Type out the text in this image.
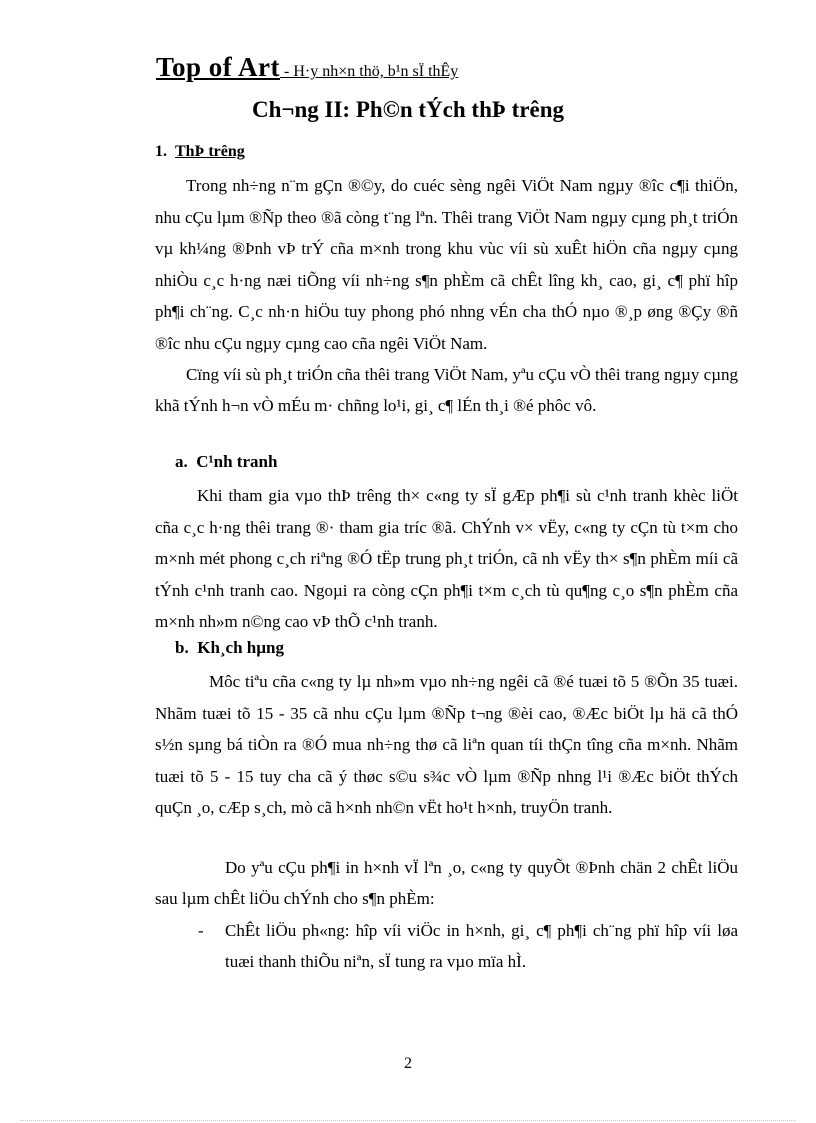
Top of Art - H·y nh×n thö, b¹n sÏ thÊy
Ch¬ng II: Ph©n tÝch thÞ trêng
1. ThÞ trêng
Trong nh÷ng n¨m gÇn ®©y, do cuéc sèng ngêi ViÖt Nam ngµy ®îc c¶i thiÖn, nhu cÇu lµm ®Ñp theo ®ã còng t¨ng lªn. Thêi trang ViÖt Nam ngµy cµng ph¸t triÓn vµ kh¼ng ®Þnh vÞ trÝ cña m×nh trong khu vùc víi sù xuÊt hiÖn cña ngµy cµng nhiÒu c¸c h·ng næi tiÕng víi nh÷ng s¶n phÈm cã chÊt lîng kh¸ cao, gi¸ c¶ phï hîp ph¶i ch¨ng. C¸c nh·n hiÖu tuy phong phó nhng vÉn cha thÓ nµo ®¸p øng ®Çy ®ñ ®îc nhu cÇu ngµy cµng cao cña ngêi ViÖt Nam.
Cïng víi sù ph¸t triÓn cña thêi trang ViÖt Nam, yªu cÇu vÒ thêi trang ngµy cµng khã tÝnh h¬n vÒ mÉu m· chñng lo¹i, gi¸ c¶ lÉn th¸i ®é phôc vô.
a. C¹nh tranh
Khi tham gia vµo thÞ trêng th× c«ng ty sÏ gÆp ph¶i sù c¹nh tranh khèc liÖt cña c¸c h·ng thêi trang ®· tham gia tríc ®ã. ChÝnh v× vËy, c«ng ty cÇn tù t×m cho m×nh mét phong c¸ch riªng ®Ó tËp trung ph¸t triÓn, cã nh vËy th× s¶n phÈm míi cã tÝnh c¹nh tranh cao. Ngoµi ra còng cÇn ph¶i t×m c¸ch tù qu¶ng c¸o s¶n phÈm cña m×nh nh»m n©ng cao vÞ thÕ c¹nh tranh.
b. Kh¸ch hµng
Môc tiªu cña c«ng ty lµ nh»m vµo nh÷ng ngêi cã ®é tuæi tõ 5 ®Õn 35 tuæi. Nhãm tuæi tõ 15 - 35 cã nhu cÇu lµm ®Ñp t¬ng ®èi cao, ®Æc biÖt lµ hä cã thÓ s½n sµng bá tiÒn ra ®Ó mua nh÷ng thø cã liªn quan tíi thÇn tîng cña m×nh. Nhãm tuæi tõ 5 - 15 tuy cha cã ý thøc s©u s¾c vÒ lµm ®Ñp nhng l¹i ®Æc biÖt thÝch quÇn ¸o, cÆp s¸ch, mò cã h×nh nh©n vËt ho¹t h×nh, truyÖn tranh.
Do yªu cÇu ph¶i in h×nh vÏ lªn ¸o, c«ng ty quyÕt ®Þnh chän 2 chÊt liÖu sau lµm chÊt liÖu chÝnh cho s¶n phÈm:
- ChÊt liÖu ph«ng: hîp víi viÖc in h×nh, gi¸ c¶ ph¶i ch¨ng phï hîp víi løa tuæi thanh thiÕu niªn, sÏ tung ra vµo mïa hÌ.
2
